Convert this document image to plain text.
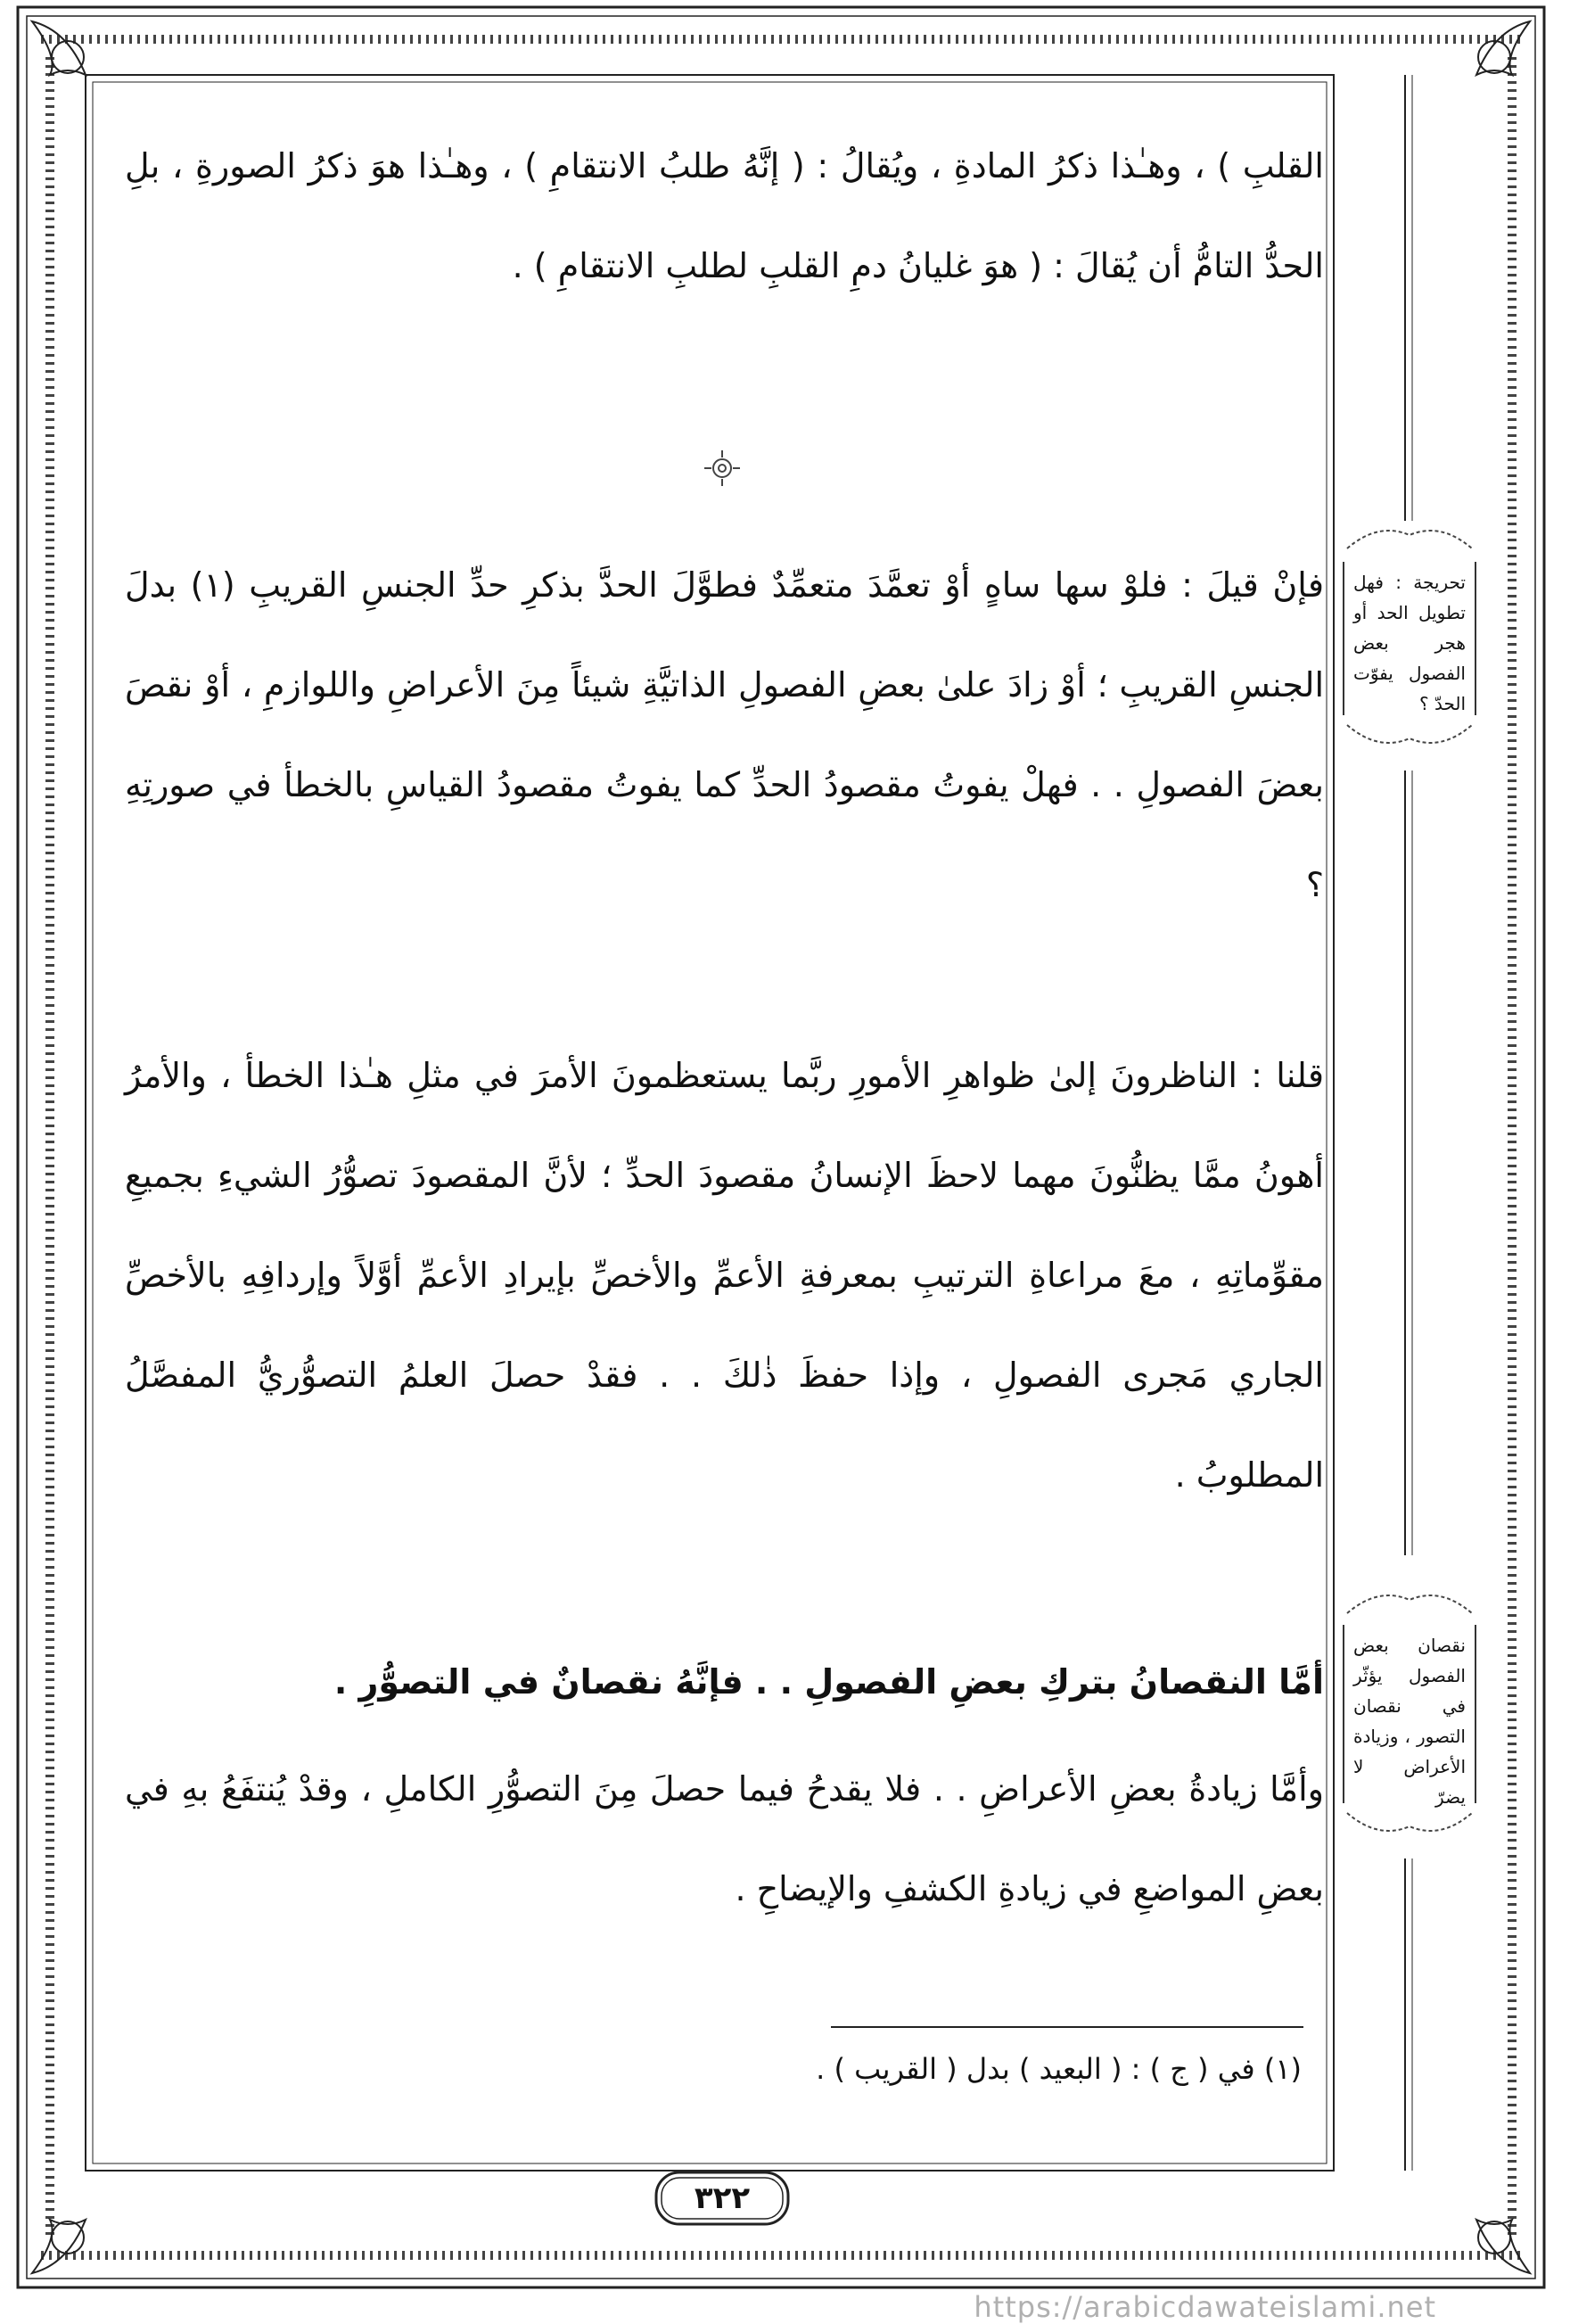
القلبِ ) ، وهـٰذا ذكرُ المادةِ ، ويُقالُ : ( إنَّهُ طلبُ الانتقامِ ) ، وهـٰذا هوَ ذكرُ الصورةِ ، بلِ الحدُّ التامُّ أن يُقالَ : ( هوَ غليانُ دمِ القلبِ لطلبِ الانتقامِ ) .
فإنْ قيلَ : فلوْ سها ساهٍ أوْ تعمَّدَ متعمِّدٌ فطوَّلَ الحدَّ بذكرِ حدِّ الجنسِ القريبِ (١) بدلَ الجنسِ القريبِ ؛ أوْ زادَ علىٰ بعضِ الفصولِ الذاتيَّةِ شيئاً مِنَ الأعراضِ واللوازمِ ، أوْ نقصَ بعضَ الفصولِ . . فهلْ يفوتُ مقصودُ الحدِّ كما يفوتُ مقصودُ القياسِ بالخطأ في صورتِهِ ؟
قلنا : الناظرونَ إلىٰ ظواهرِ الأمورِ ربَّما يستعظمونَ الأمرَ في مثلِ هـٰذا الخطأ ، والأمرُ أهونُ ممَّا يظنُّونَ مهما لاحظَ الإنسانُ مقصودَ الحدِّ ؛ لأنَّ المقصودَ تصوُّرُ الشيءِ بجميعِ مقوِّماتِهِ ، معَ مراعاةِ الترتيبِ بمعرفةِ الأعمِّ والأخصِّ بإيرادِ الأعمِّ أوَّلاً وإردافِهِ بالأخصِّ الجاري مَجرى الفصولِ ، وإذا حفظَ ذٰلكَ . . فقدْ حصلَ العلمُ التصوُّريُّ المفصَّلُ المطلوبُ .
أمَّا النقصانُ بتركِ بعضِ الفصولِ . . فإنَّهُ نقصانٌ في التصوُّرِ .
وأمَّا زيادةُ بعضِ الأعراضِ . . فلا يقدحُ فيما حصلَ مِنَ التصوُّرِ الكاملِ ، وقدْ يُنتفَعُ بهِ في بعضِ المواضعِ في زيادةِ الكشفِ والإيضاحِ .
تحريجة : فهل تطويل الحد أو هجر بعض الفصول يفوّت الحدّ ؟
نقصان بعض الفصول يؤثّر في نقصان التصور ، وزيادة الأعراض لا يضرّ
(١) في ( ج ) : ( البعيد ) بدل ( القريب ) .
٣٢٢
https://arabicdawateislami.net
